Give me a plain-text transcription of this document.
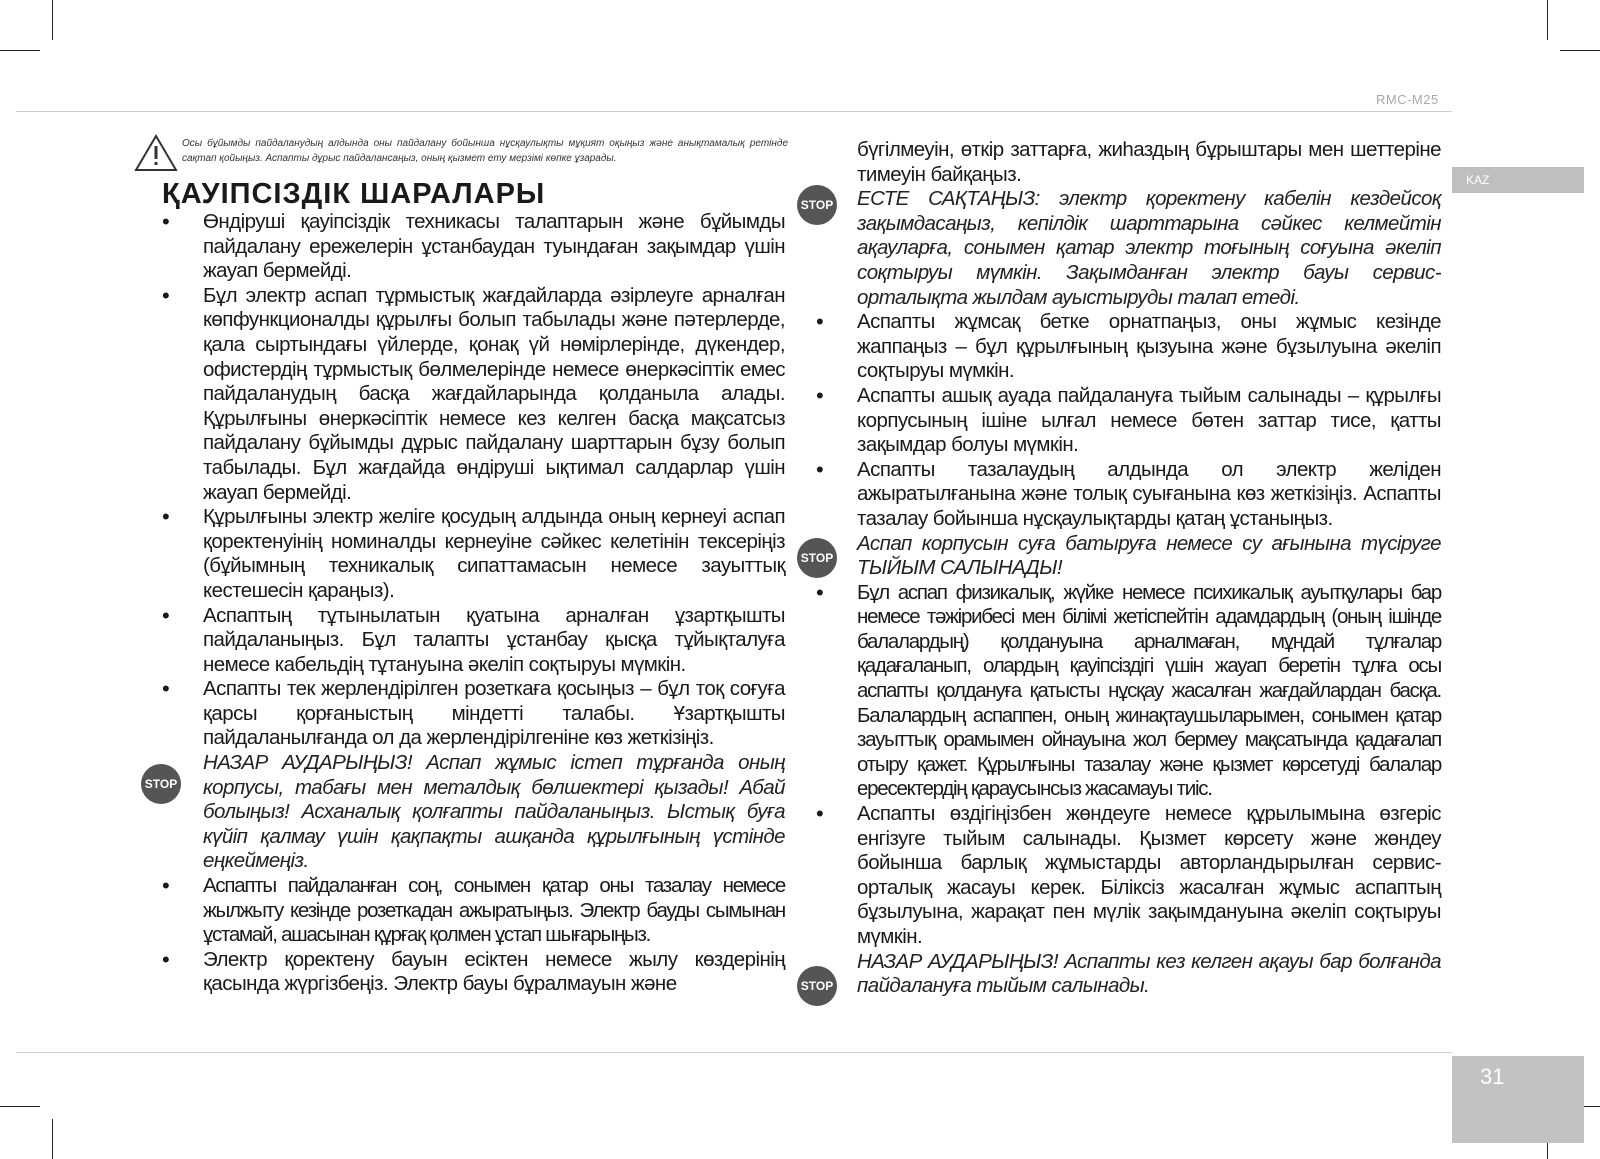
RMC-M25
KAZ
31
Осы бұйымды пайдаланудың алдында оны пайдалану бойынша нұсқаулықты мұқият оқыңыз және анықтамалық ретінде сақтап қойыңыз. Аспапты дұрыс пайдалансаңыз, оның қызмет ету мерзімі көпке ұзарады.
ҚАУІПСІЗДІК ШАРАЛАРЫ

• Өндіруші қауіпсіздік техникасы талаптарын және бұйымды пайдалану ережелерін ұстанбаудан туындаған зақымдар үшін жауап бермейді.

• Бұл электр аспап тұрмыстық жағдайларда әзірлеуге арналған көпфункционалды құрылғы болып табылады және пәтерлерде, қала сыртындағы үйлерде, қонақ үй нөмірлерінде, дүкендер, офистердің тұрмыстық бөлмелерінде немесе өнеркәсіптік емес пайдаланудың басқа жағдайларында қолданыла алады. Құрылғыны өнеркәсіптік немесе кез келген басқа мақсатсыз пайдалану бұйымды дұрыс пайдалану шарттарын бұзу болып табылады. Бұл жағдайда өндіруші ықтимал салдарлар үшін жауап бермейді.

• Құрылғыны электр желіге қосудың алдында оның кернеуі аспап қоректенуінің номиналды кернеуіне сәйкес келетінін тексеріңіз (бұйымның техникалық сипаттамасын немесе зауыттық кестешесін қараңыз).

• Аспаптың тұтынылатын қуатына арналған ұзартқышты пайдаланыңыз. Бұл талапты ұстанбау қысқа тұйықталуға немесе кабельдің тұтануына әкеліп соқтыруы мүмкін.

• Аспапты тек жерлендірілген розеткаға қосыңыз – бұл тоқ соғуға қарсы қорғаныстың міндетті талабы. Ұзартқышты пайдаланылғанда ол да жерлендірілгеніне көз жеткізіңіз.

НАЗАР АУДАРЫҢЫЗ! Аспап жұмыс істеп тұрғанда оның корпусы, табағы мен металдық бөлшектері қызады! Абай болыңыз! Асханалық қолғапты пайдаланыңыз. Ыстық буға күйіп қалмау үшін қақпақты ашқанда құрылғының үстінде еңкеймеңіз.

• Аспапты пайдаланған соң, сонымен қатар оны тазалау немесе жылжыту кезінде розеткадан ажыратыңыз. Электр бауды сымынан ұстамай, ашасынан құрғақ қолмен ұстап шығарыңыз.

• Электр қоректену бауын есіктен немесе жылу көздерінің қасында жүргізбеңіз. Электр бауы бұралмауын және

бүгілмеуін, өткір заттарға, жиһаздың бұрыштары мен шеттеріне тимеуін байқаңыз.

ЕСТЕ САҚТАҢЫЗ: электр қоректену кабелін кездейсоқ зақымдасаңыз, кепілдік шарттарына сәйкес келмейтін ақауларға, сонымен қатар электр тоғының соғуына әкеліп соқтыруы мүмкін. Зақымданған электр бауы сервис-орталықта жылдам ауыстыруды талап етеді.

• Аспапты жұмсақ бетке орнатпаңыз, оны жұмыс кезінде жаппаңыз – бұл құрылғының қызуына және бұзылуына әкеліп соқтыруы мүмкін.

• Аспапты ашық ауада пайдалануға тыйым салынады – құрылғы корпусының ішіне ылғал немесе бөтен заттар тисе, қатты зақымдар болуы мүмкін.

• Аспапты тазалаудың алдында ол электр желіден ажыратылғанына және толық суығанына көз жеткізіңіз. Аспапты тазалау бойынша нұсқаулықтарды қатаң ұстаныңыз.

Аспап корпусын суға батыруға немесе су ағынына түсіруге ТЫЙЫМ САЛЫНАДЫ!

• Бұл аспап физикалық, жүйке немесе психикалық ауытқулары бар немесе тәжірибесі мен білімі жетіспейтін адамдардың (оның ішінде балалардың) қолдануына арналмаған, мұндай тұлғалар қадағаланып, олардың қауіпсіздігі үшін жауап беретін тұлға осы аспапты қолдануға қатысты нұсқау жасалған жағдайлардан басқа. Балалардың аспаппен, оның жинақтаушыларымен, сонымен қатар зауыттық орамымен ойнауына жол бермеу мақсатында қадағалап отыру қажет. Құрылғыны тазалау және қызмет көрсетуді балалар ересектердің қараусынсыз жасамауы тиіс.

• Аспапты өздігіңізбен жөндеуге немесе құрылымына өзгеріс енгізуге тыйым салынады. Қызмет көрсету және жөндеу бойынша барлық жұмыстарды авторландырылған сервис-орталық жасауы керек. Біліксіз жасалған жұмыс аспаптың бұзылуына, жарақат пен мүлік зақымдануына әкеліп соқтыруы мүмкін.

НАЗАР АУДАРЫҢЫЗ! Аспапты кез келген ақауы бар болғанда пайдалануға тыйым салынады.

STOP
STOP
STOP
STOP
